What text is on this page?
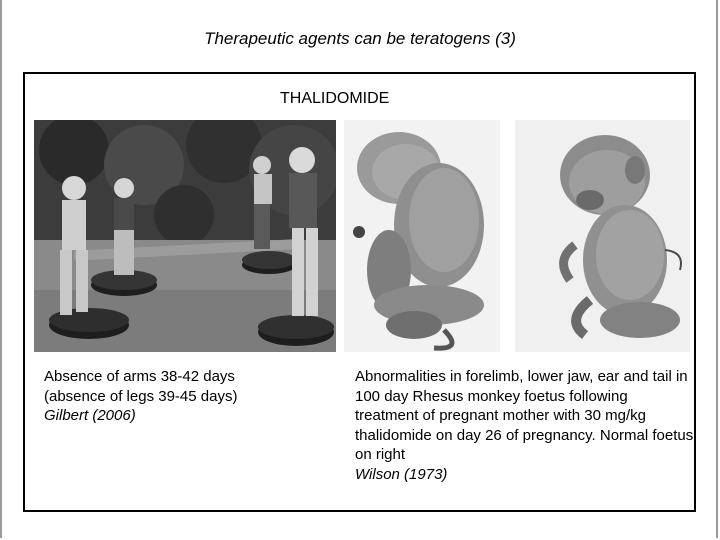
Therapeutic agents can be teratogens (3)
THALIDOMIDE
Absence of arms 38-42 days
(absence of legs 39-45 days)
Gilbert (2006)
Abnormalities in forelimb, lower jaw, ear and tail in 100 day Rhesus monkey foetus following treatment of pregnant mother with 30 mg/kg thalidomide on day 26 of pregnancy. Normal foetus on right
Wilson (1973)
